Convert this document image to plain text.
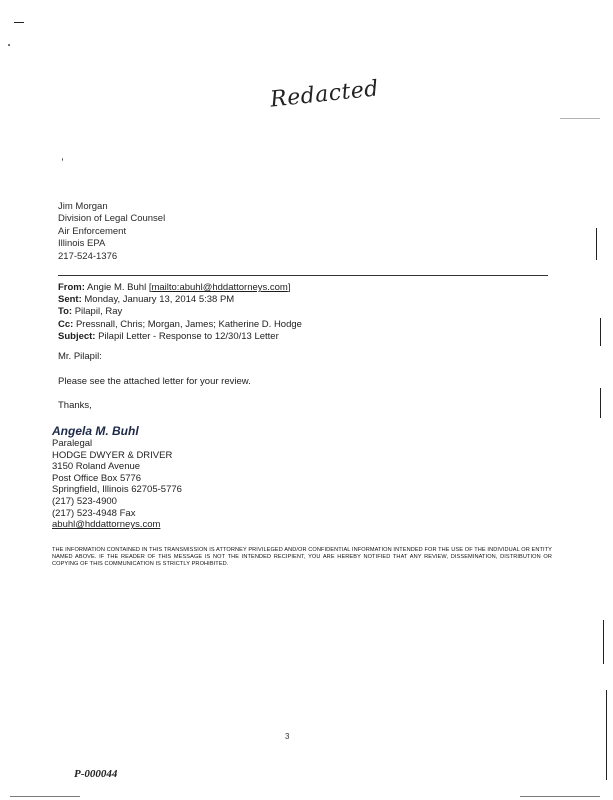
Redacted
Jim Morgan
Division of Legal Counsel
Air Enforcement
Illinois EPA
217-524-1376
From: Angie M. Buhl [mailto:abuhl@hddattorneys.com]
Sent: Monday, January 13, 2014 5:38 PM
To: Pilapil, Ray
Cc: Pressnall, Chris; Morgan, James; Katherine D. Hodge
Subject: Pilapil Letter - Response to 12/30/13 Letter
Mr. Pilapil:
Please see the attached letter for your review.
Thanks,
Angela M. Buhl
Paralegal
HODGE DWYER & DRIVER
3150 Roland Avenue
Post Office Box 5776
Springfield, Illinois 62705-5776
(217) 523-4900
(217) 523-4948 Fax
abuhl@hddattorneys.com
THE INFORMATION CONTAINED IN THIS TRANSMISSION IS ATTORNEY PRIVILEGED AND/OR CONFIDENTIAL INFORMATION INTENDED FOR THE USE OF THE INDIVIDUAL OR ENTITY NAMED ABOVE. IF THE READER OF THIS MESSAGE IS NOT THE INTENDED RECIPIENT, YOU ARE HEREBY NOTIFIED THAT ANY REVIEW, DISSEMINATION, DISTRIBUTION OR COPYING OF THIS COMMUNICATION IS STRICTLY PROHIBITED.
3
P-000044
